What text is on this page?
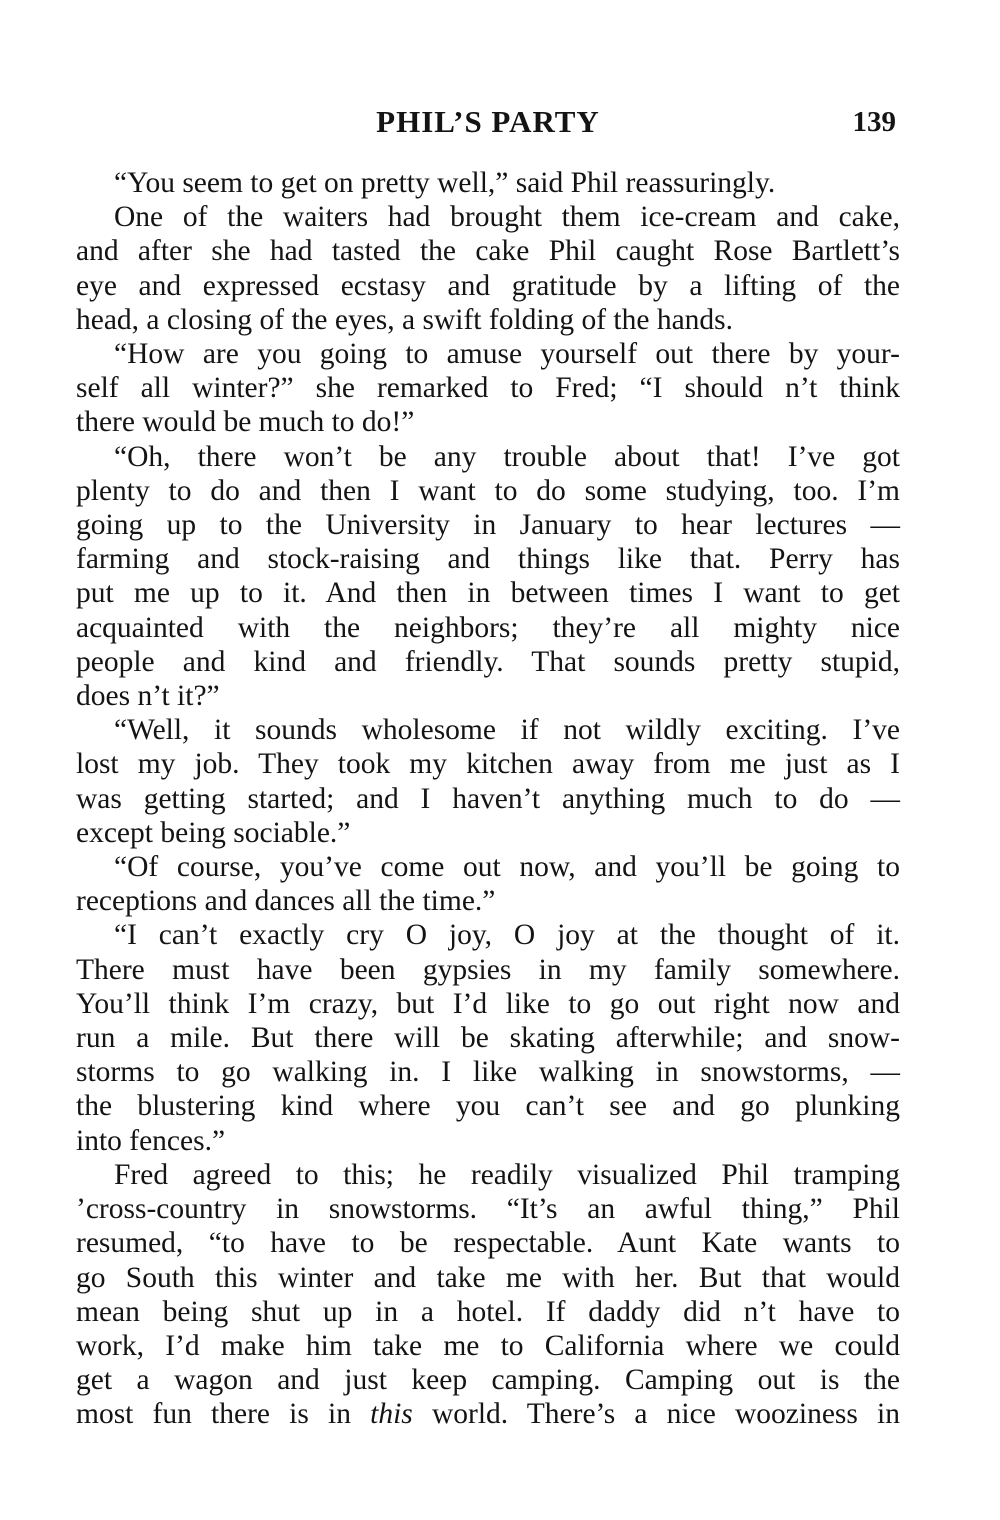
PHIL’S PARTY	139
“You seem to get on pretty well,” said Phil reassuringly.
One of the waiters had brought them ice-cream and cake,
and after she had tasted the cake Phil caught Rose Bartlett’s
eye and expressed ecstasy and gratitude by a lifting of the
head, a closing of the eyes, a swift folding of the hands.
“How are you going to amuse yourself out there by your-
self all winter?” she remarked to Fred; “I should n’t think
there would be much to do!”
“Oh, there won’t be any trouble about that! I’ve got
plenty to do and then I want to do some studying, too. I’m
going up to the University in January to hear lectures —
farming and stock-raising and things like that. Perry has
put me up to it. And then in between times I want to get
acquainted with the neighbors; they’re all mighty nice
people and kind and friendly. That sounds pretty stupid,
does n’t it?”
“Well, it sounds wholesome if not wildly exciting. I’ve
lost my job. They took my kitchen away from me just as I
was getting started; and I haven’t anything much to do —
except being sociable.”
“Of course, you’ve come out now, and you’ll be going to
receptions and dances all the time.”
“I can’t exactly cry O joy, O joy at the thought of it.
There must have been gypsies in my family somewhere.
You’ll think I’m crazy, but I’d like to go out right now and
run a mile. But there will be skating afterwhile; and snow-
storms to go walking in. I like walking in snowstorms, —
the blustering kind where you can’t see and go plunking
into fences.”
Fred agreed to this; he readily visualized Phil tramping
’cross-country in snowstorms. “It’s an awful thing,” Phil
resumed, “to have to be respectable. Aunt Kate wants to
go South this winter and take me with her. But that would
mean being shut up in a hotel. If daddy did n’t have to
work, I’d make him take me to California where we could
get a wagon and just keep camping. Camping out is the
most fun there is in this world. There’s a nice wooziness in
